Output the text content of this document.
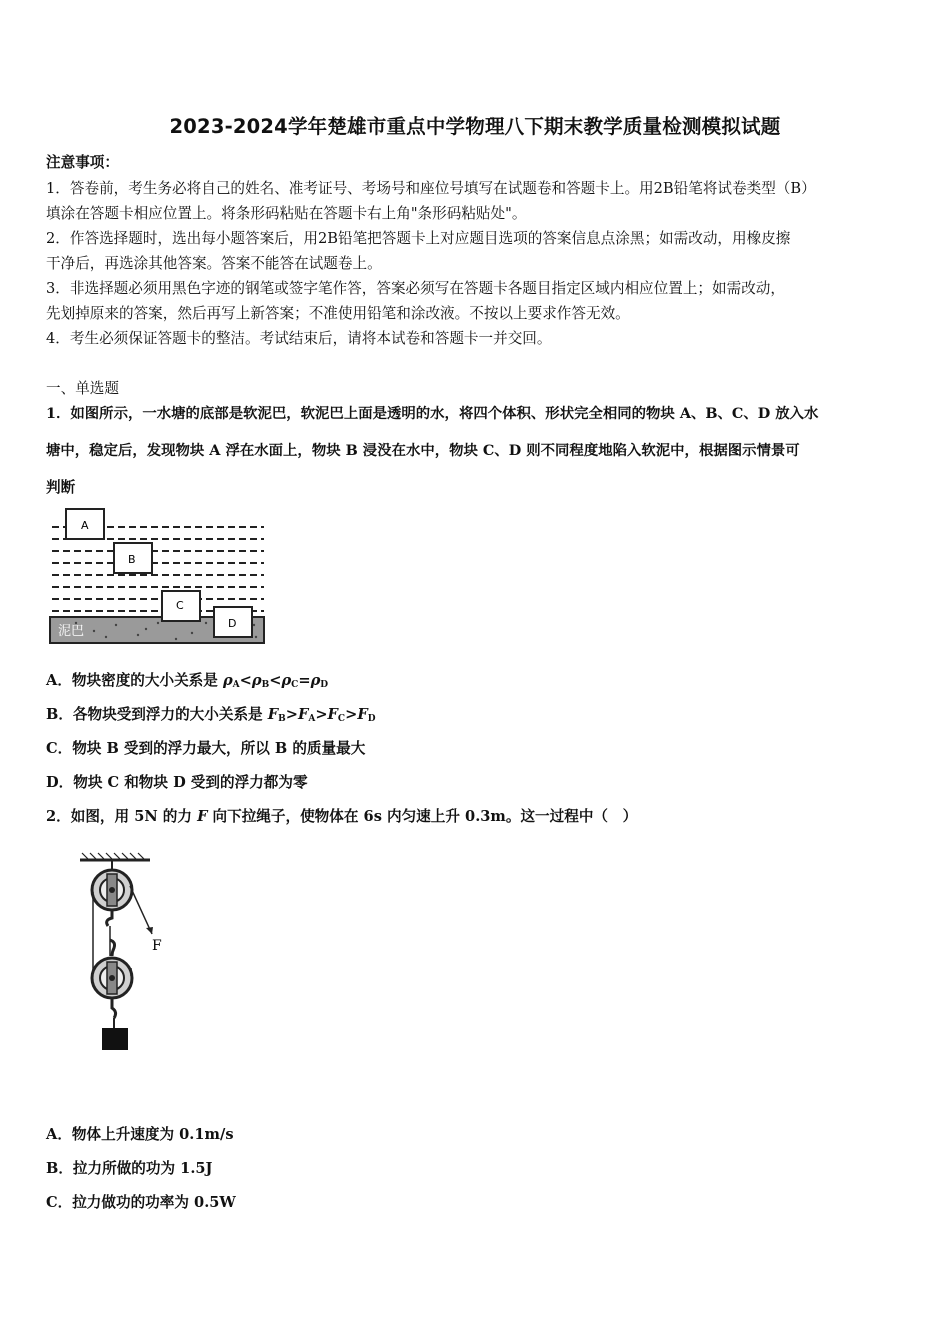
2023-2024学年楚雄市重点中学物理八下期末教学质量检测模拟试题
注意事项：
1．答卷前，考生务必将自己的姓名、准考证号、考场号和座位号填写在试题卷和答题卡上。用2B铅笔将试卷类型（B）
填涂在答题卡相应位置上。将条形码粘贴在答题卡右上角"条形码粘贴处"。
2．作答选择题时，选出每小题答案后，用2B铅笔把答题卡上对应题目选项的答案信息点涂黑；如需改动，用橡皮擦
干净后，再选涂其他答案。答案不能答在试题卷上。
3．非选择题必须用黑色字迹的钢笔或签字笔作答，答案必须写在答题卡各题目指定区域内相应位置上；如需改动，
先划掉原来的答案，然后再写上新答案；不准使用铅笔和涂改液。不按以上要求作答无效。
4．考生必须保证答题卡的整洁。考试结束后，请将本试卷和答题卡一并交回。
一、单选题
1．如图所示，一水塘的底部是软泥巴，软泥巴上面是透明的水，将四个体积、形状完全相同的物块 A、B、C、D 放入水
塘中，稳定后，发现物块 A 浮在水面上，物块 B 浸没在水中，物块 C、D 则不同程度地陷入软泥中，根据图示情景可
判断
泥巴
A
B
C
D
A．物块密度的大小关系是 $\rho_A<\rho_B<\rho_C=\rho_D$
B．各物块受到浮力的大小关系是 $F_B>F_A>F_C>F_D$
C．物块 B 受到的浮力最大，所以 B 的质量最大
D．物块 C 和物块 D 受到的浮力都为零
2．如图，用 5N 的力 F 向下拉绳子，使物体在 6s 内匀速上升 0.3m。这一过程中（　）
F
A．物体上升速度为 0.1m/s
B．拉力所做的功为 1.5J
C．拉力做功的功率为 0.5W
